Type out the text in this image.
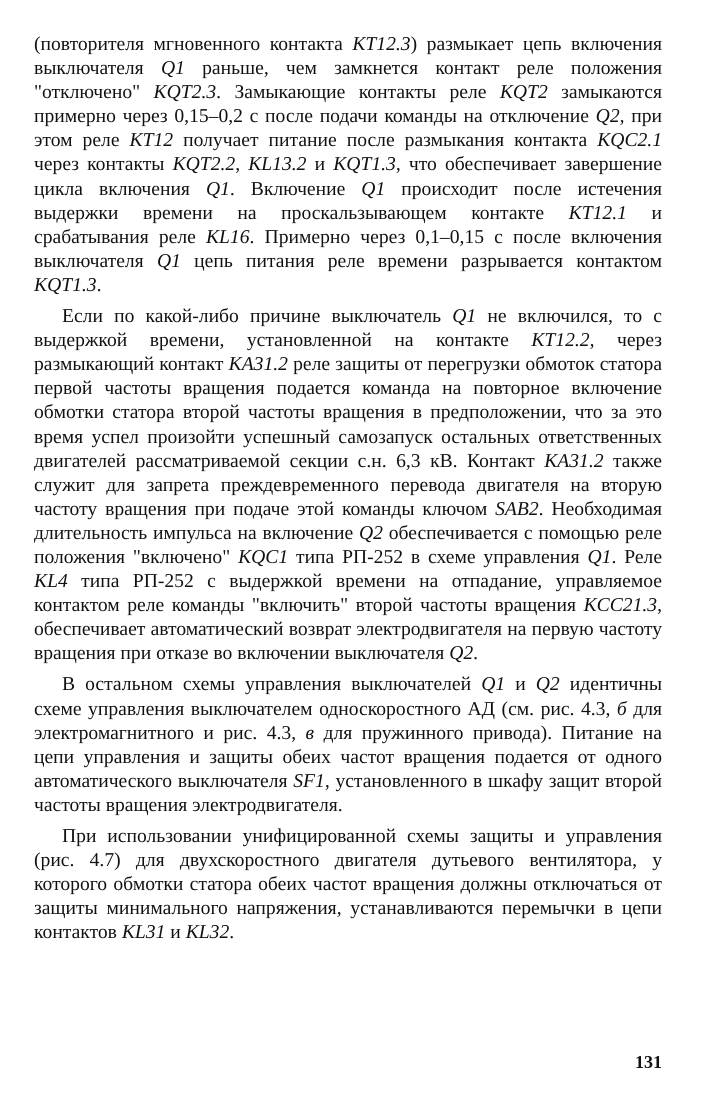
(повторителя мгновенного контакта KT12.3) размыкает цепь включения выключателя Q1 раньше, чем замкнется контакт реле положения "отключено" KQT2.3. Замыкающие контакты реле KQT2 замыкаются примерно через 0,15–0,2 с после подачи команды на отключение Q2, при этом реле KT12 получает питание после размыкания контакта KQC2.1 через контакты KQT2.2, KL13.2 и KQT1.3, что обеспечивает завершение цикла включения Q1. Включение Q1 происходит после истечения выдержки времени на проскальзывающем контакте KT12.1 и срабатывания реле KL16. Примерно через 0,1–0,15 с после включения выключателя Q1 цепь питания реле времени разрывается контактом KQT1.3.

Если по какой-либо причине выключатель Q1 не включился, то с выдержкой времени, установленной на контакте KT12.2, через размыкающий контакт KA31.2 реле защиты от перегрузки обмоток статора первой частоты вращения подается команда на повторное включение обмотки статора второй частоты вращения в предположении, что за это время успел произойти успешный самозапуск остальных ответственных двигателей рассматриваемой секции с.н. 6,3 кВ. Контакт KA31.2 также служит для запрета преждевременного перевода двигателя на вторую частоту вращения при подаче этой команды ключом SAB2. Необходимая длительность импульса на включение Q2 обеспечивается с помощью реле положения "включено" KQC1 типа РП-252 в схеме управления Q1. Реле KL4 типа РП-252 с выдержкой времени на отпадание, управляемое контактом реле команды "включить" второй частоты вращения KCC21.3, обеспечивает автоматический возврат электродвигателя на первую частоту вращения при отказе во включении выключателя Q2.

В остальном схемы управления выключателей Q1 и Q2 идентичны схеме управления выключателем односкоростного АД (см. рис. 4.3, б для электромагнитного и рис. 4.3, в для пружинного привода). Питание на цепи управления и защиты обеих частот вращения подается от одного автоматического выключателя SF1, установленного в шкафу защит второй частоты вращения электродвигателя.

При использовании унифицированной схемы защиты и управления (рис. 4.7) для двухскоростного двигателя дутьевого вентилятора, у которого обмотки статора обеих частот вращения должны отключаться от защиты минимального напряжения, устанавливаются перемычки в цепи контактов KL31 и KL32.

131
